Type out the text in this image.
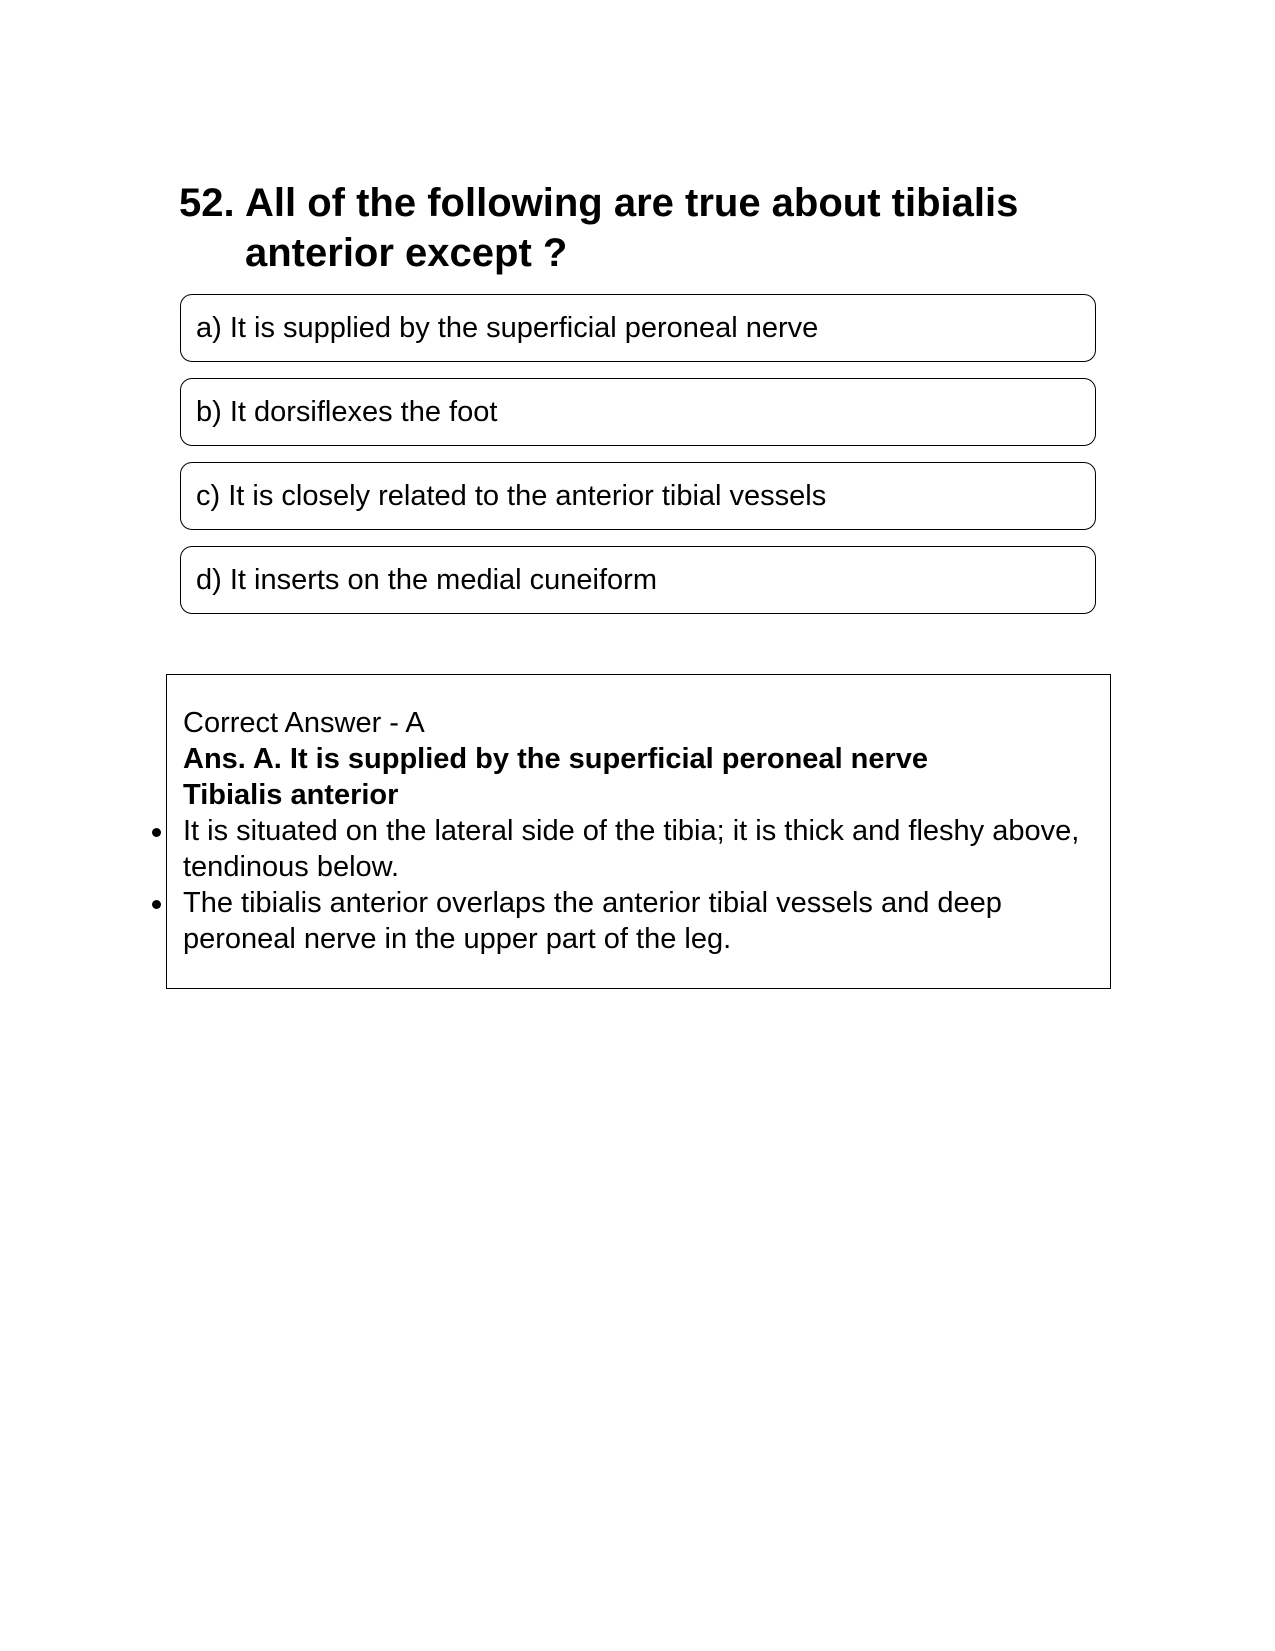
52. All of the following are true about tibialis anterior except ?
a) It is supplied by the superficial peroneal nerve
b) It dorsiflexes the foot
c) It is closely related to the anterior tibial vessels
d) It inserts on the medial cuneiform
Correct Answer - A
Ans. A. It is supplied by the superficial peroneal nerve
Tibialis anterior
It is situated on the lateral side of the tibia; it is thick and fleshy above, tendinous below.
The tibialis anterior overlaps the anterior tibial vessels and deep peroneal nerve in the upper part of the leg.
